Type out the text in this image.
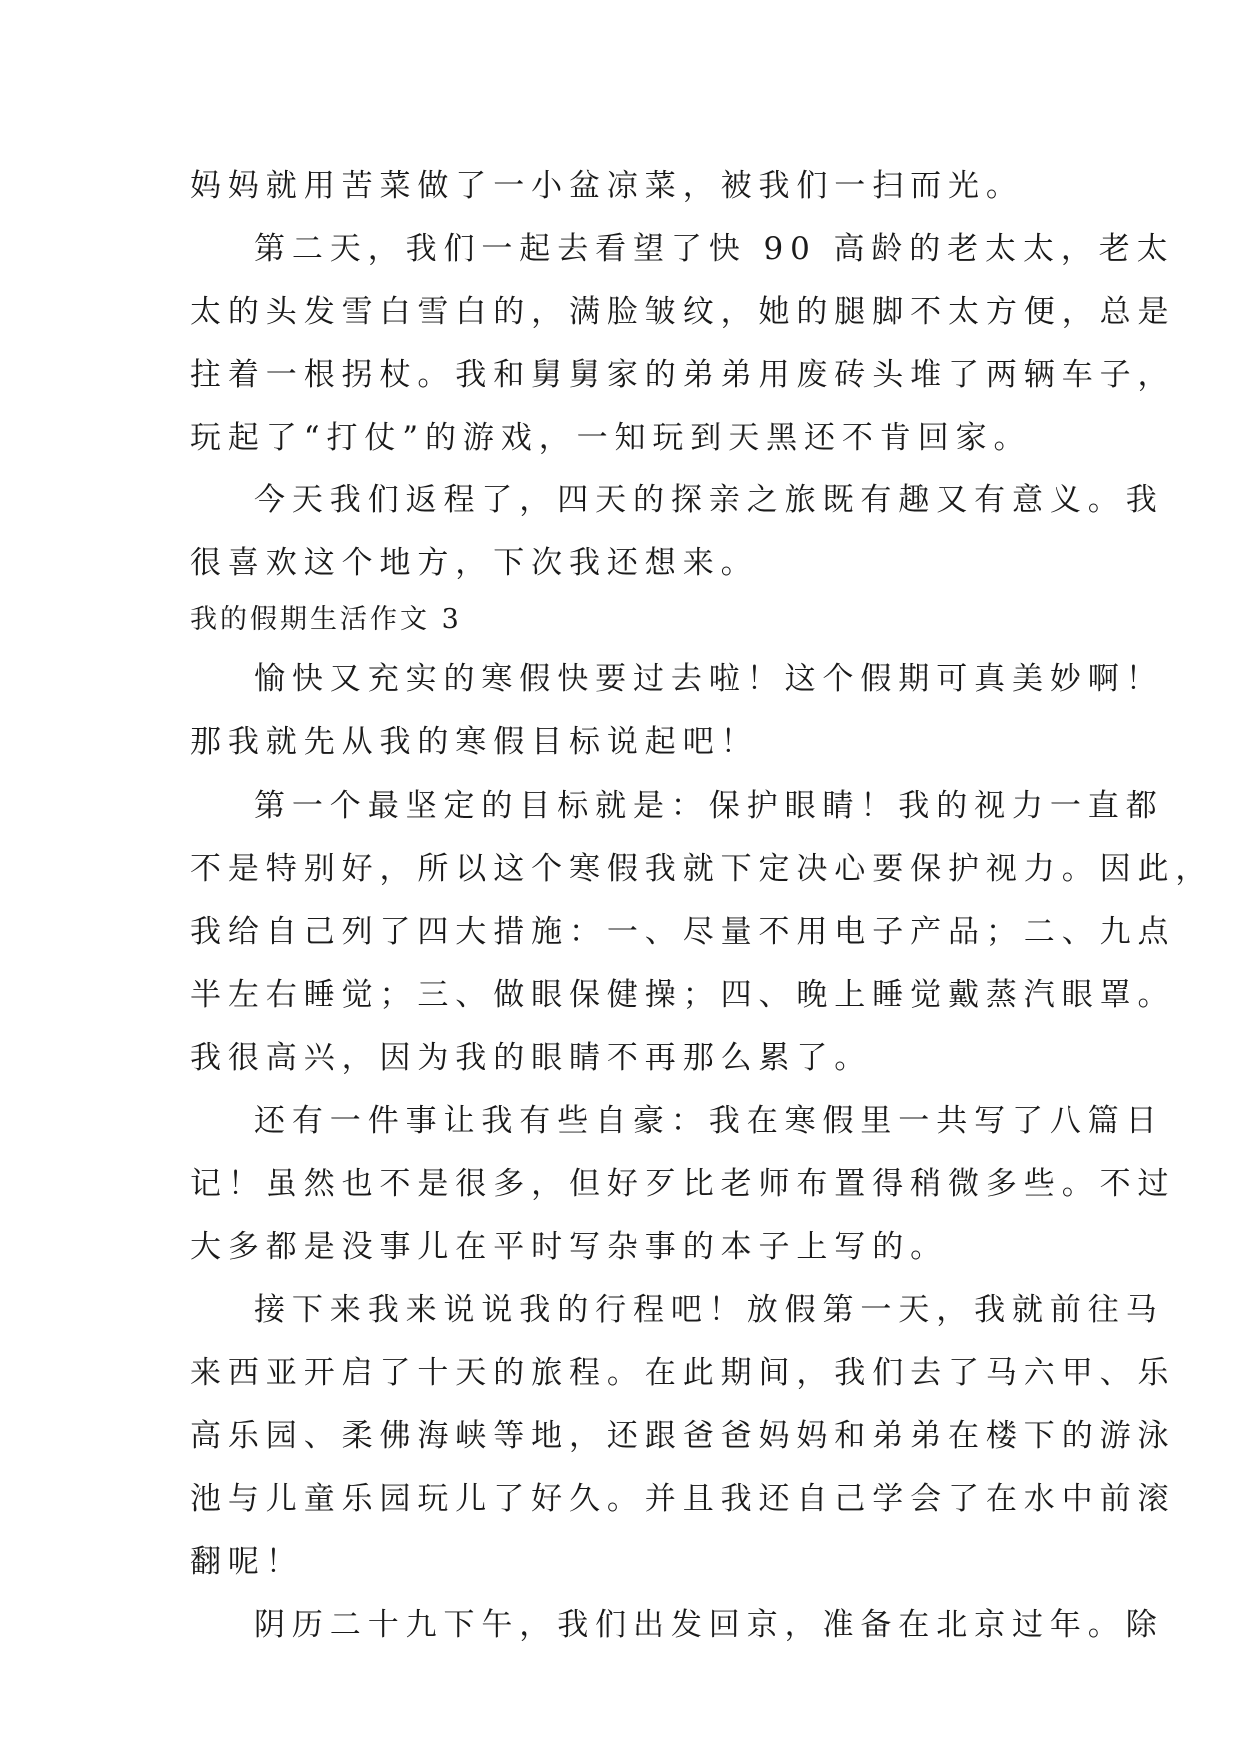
妈妈就用苦菜做了一小盆凉菜，被我们一扫而光。
第二天，我们一起去看望了快 90 高龄的老太太，老太
太的头发雪白雪白的，满脸皱纹，她的腿脚不太方便，总是
拄着一根拐杖。我和舅舅家的弟弟用废砖头堆了两辆车子，
玩起了“打仗”的游戏，一知玩到天黑还不肯回家。
今天我们返程了，四天的探亲之旅既有趣又有意义。我
很喜欢这个地方，下次我还想来。
我的假期生活作文 3
愉快又充实的寒假快要过去啦！这个假期可真美妙啊！
那我就先从我的寒假目标说起吧！
第一个最坚定的目标就是：保护眼睛！我的视力一直都
不是特别好，所以这个寒假我就下定决心要保护视力。因此，
我给自己列了四大措施：一、尽量不用电子产品；二、九点
半左右睡觉；三、做眼保健操；四、晚上睡觉戴蒸汽眼罩。
我很高兴，因为我的眼睛不再那么累了。
还有一件事让我有些自豪：我在寒假里一共写了八篇日
记！虽然也不是很多，但好歹比老师布置得稍微多些。不过
大多都是没事儿在平时写杂事的本子上写的。
接下来我来说说我的行程吧！放假第一天，我就前往马
来西亚开启了十天的旅程。在此期间，我们去了马六甲、乐
高乐园、柔佛海峡等地，还跟爸爸妈妈和弟弟在楼下的游泳
池与儿童乐园玩儿了好久。并且我还自己学会了在水中前滚
翻呢！
阴历二十九下午，我们出发回京，准备在北京过年。除
